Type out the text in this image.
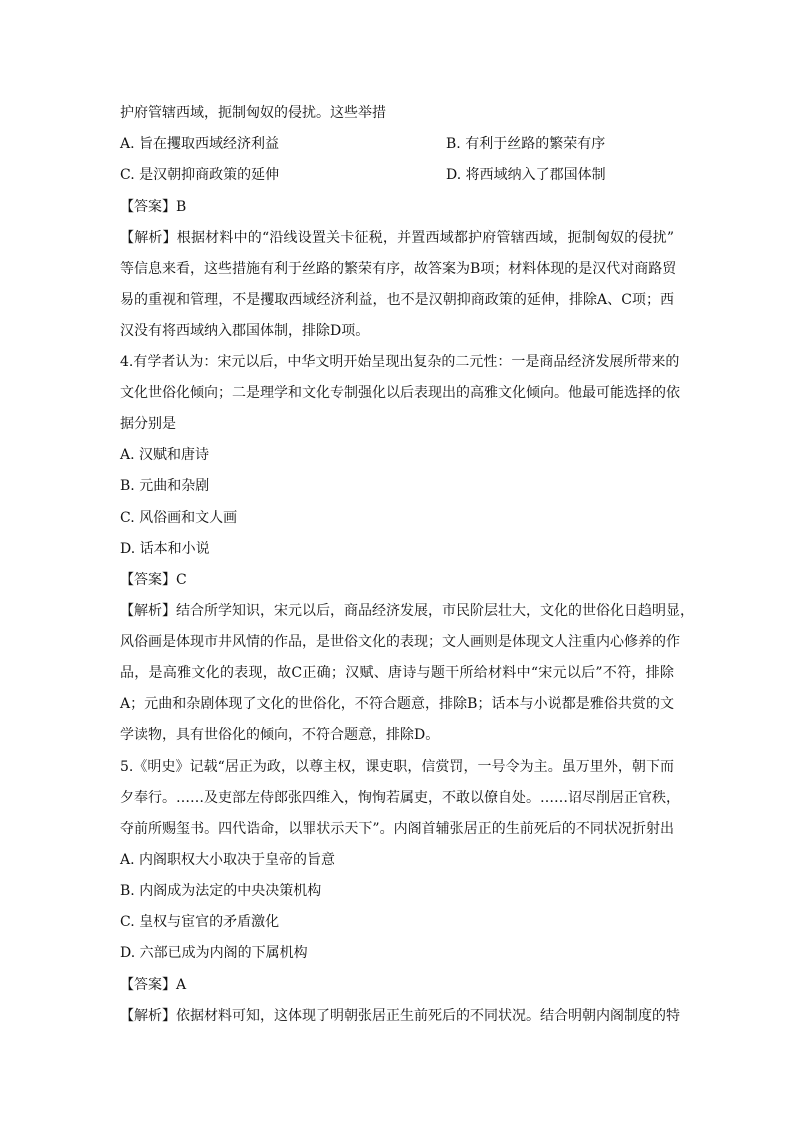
护府管辖西域，扼制匈奴的侵扰。这些举措
A. 旨在攫取西域经济利益	B. 有利于丝路的繁荣有序
C. 是汉朝抑商政策的延伸	D. 将西域纳入了郡国体制
【答案】B
【解析】根据材料中的“沿线设置关卡征税，并置西域都护府管辖西域，扼制匈奴的侵扰”
等信息来看，这些措施有利于丝路的繁荣有序，故答案为B项；材料体现的是汉代对商路贸
易的重视和管理，不是攫取西域经济利益，也不是汉朝抑商政策的延伸，排除A、C项；西
汉没有将西域纳入郡国体制，排除D项。
4.有学者认为：宋元以后，中华文明开始呈现出复杂的二元性：一是商品经济发展所带来的
文化世俗化倾向；二是理学和文化专制强化以后表现出的高雅文化倾向。他最可能选择的依
据分别是
A. 汉赋和唐诗
B. 元曲和杂剧
C. 风俗画和文人画
D. 话本和小说
【答案】C
【解析】结合所学知识，宋元以后，商品经济发展，市民阶层壮大，文化的世俗化日趋明显，
风俗画是体现市井风情的作品，是世俗文化的表现；文人画则是体现文人注重内心修养的作
品，是高雅文化的表现，故C正确；汉赋、唐诗与题干所给材料中“宋元以后”不符，排除
A；元曲和杂剧体现了文化的世俗化，不符合题意，排除B；话本与小说都是雅俗共赏的文
学读物，具有世俗化的倾向，不符合题意，排除D。
5.《明史》记载“居正为政，以尊主权，课吏职，信赏罚，一号令为主。虽万里外，朝下而
夕奉行。……及吏部左侍郎张四维入，恂恂若属吏，不敢以僚自处。……诏尽削居正官秩，
夺前所赐玺书。四代诰命，以罪状示天下”。内阁首辅张居正的生前死后的不同状况折射出
A. 内阁职权大小取决于皇帝的旨意
B. 内阁成为法定的中央决策机构
C. 皇权与宦官的矛盾激化
D. 六部已成为内阁的下属机构
【答案】A
【解析】依据材料可知，这体现了明朝张居正生前死后的不同状况。结合明朝内阁制度的特
